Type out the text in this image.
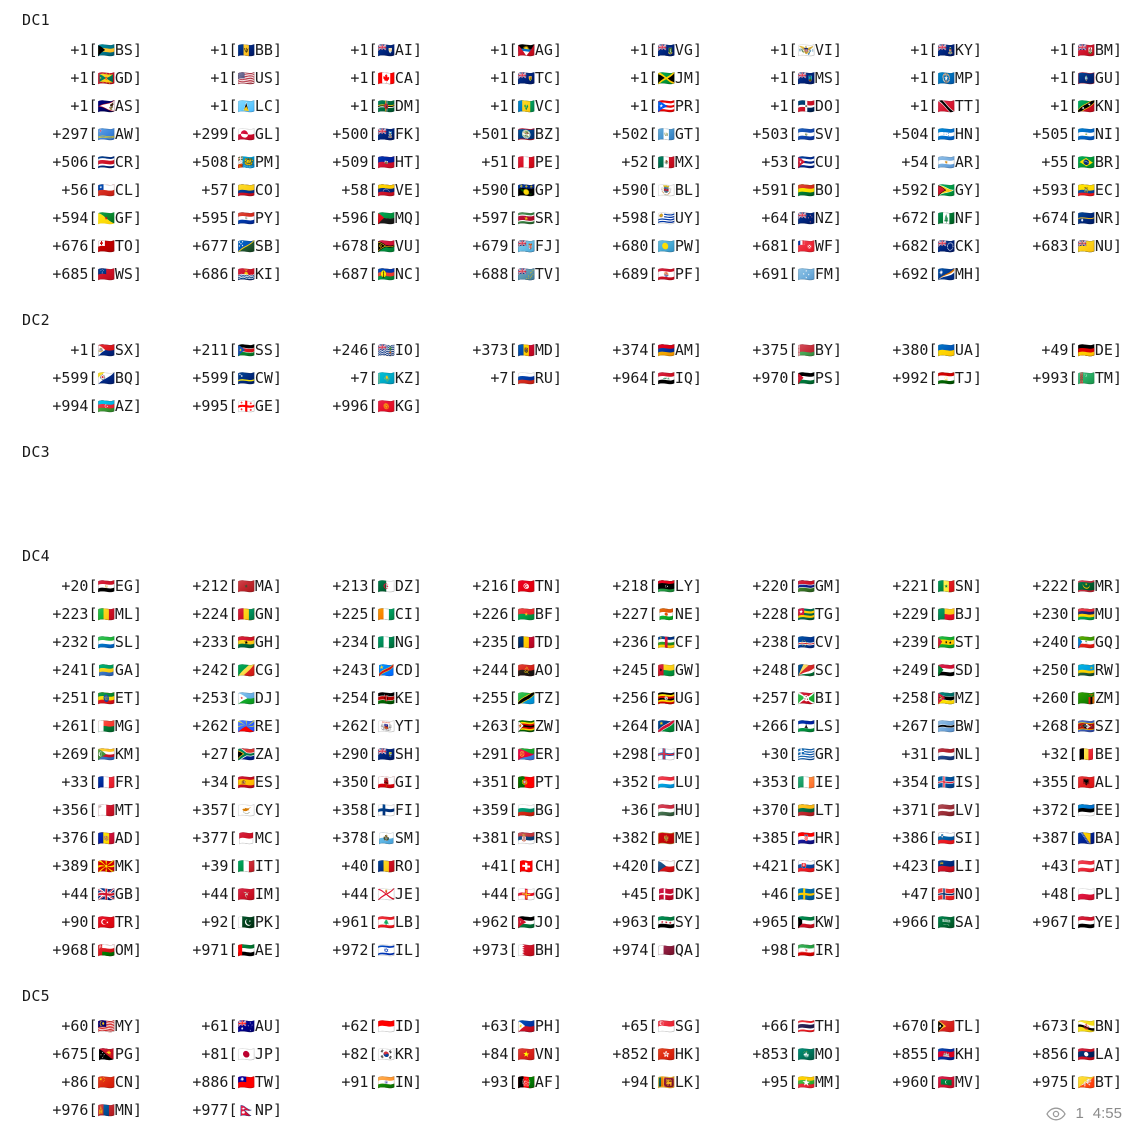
DC1
+1[🇧🇸BS]	+1[🇧🇧BB]	+1[🇦🇮AI]	+1[🇦🇬AG]	+1[🇻🇬VG]	+1[🇻🇮VI]	+1[🇰🇾KY]	+1[🇧🇲BM]
+1[🇬🇩GD]	+1[🇺🇸US]	+1[🇨🇦CA]	+1[🇹🇨TC]	+1[🇯🇲JM]	+1[🇲🇸MS]	+1[🇲🇵MP]	+1[🇬🇺GU]
+1[🇦🇸AS]	+1[🇱🇨LC]	+1[🇩🇲DM]	+1[🇻🇨VC]	+1[🇵🇷PR]	+1[🇩🇴DO]	+1[🇹🇹TT]	+1[🇰🇳KN]
+297[🇦🇼AW]	+299[🇬🇱GL]	+500[🇫🇰FK]	+501[🇧🇿BZ]	+502[🇬🇹GT]	+503[🇸🇻SV]	+504[🇭🇳HN]	+505[🇳🇮NI]
+506[🇨🇷CR]	+508[🇵🇲PM]	+509[🇭🇹HT]	+51[🇵🇪PE]	+52[🇲🇽MX]	+53[🇨🇺CU]	+54[🇦🇷AR]	+55[🇧🇷BR]
+56[🇨🇱CL]	+57[🇨🇴CO]	+58[🇻🇪VE]	+590[🇬🇵GP]	+590[🇧🇱BL]	+591[🇧🇴BO]	+592[🇬🇾GY]	+593[🇪🇨EC]
+594[🇬🇫GF]	+595[🇵🇾PY]	+596[🇲🇶MQ]	+597[🇸🇷SR]	+598[🇺🇾UY]	+64[🇳🇿NZ]	+672[🇳🇫NF]	+674[🇳🇷NR]
+676[🇹🇴TO]	+677[🇸🇧SB]	+678[🇻🇺VU]	+679[🇫🇯FJ]	+680[🇵🇼PW]	+681[🇼🇫WF]	+682[🇨🇰CK]	+683[🇳🇺NU]
+685[🇼🇸WS]	+686[🇰🇮KI]	+687[🇳🇨NC]	+688[🇹🇻TV]	+689[🇵🇫PF]	+691[🇫🇲FM]	+692[🇲🇭MH]
DC2
+1[🇸🇽SX]	+211[🇸🇸SS]	+246[🇮🇴IO]	+373[🇲🇩MD]	+374[🇦🇲AM]	+375[🇧🇾BY]	+380[🇺🇦UA]	+49[🇩🇪DE]
+599[🇧🇶BQ]	+599[🇨🇼CW]	+7[🇰🇿KZ]	+7[🇷🇺RU]	+964[🇮🇶IQ]	+970[🇵🇸PS]	+992[🇹🇯TJ]	+993[🇹🇲TM]
+994[🇦🇿AZ]	+995[🇬🇪GE]	+996[🇰🇬KG]
DC3
DC4
+20[🇪🇬EG]	+212[🇲🇦MA]	+213[🇩🇿DZ]	+216[🇹🇳TN]	+218[🇱🇾LY]	+220[🇬🇲GM]	+221[🇸🇳SN]	+222[🇲🇷MR]
+223[🇲🇱ML]	+224[🇬🇳GN]	+225[🇨🇮CI]	+226[🇧🇫BF]	+227[🇳🇪NE]	+228[🇹🇬TG]	+229[🇧🇯BJ]	+230[🇲🇺MU]
+232[🇸🇱SL]	+233[🇬🇭GH]	+234[🇳🇬NG]	+235[🇹🇩TD]	+236[🇨🇫CF]	+238[🇨🇻CV]	+239[🇸🇹ST]	+240[🇬🇶GQ]
+241[🇬🇦GA]	+242[🇨🇬CG]	+243[🇨🇩CD]	+244[🇦🇴AO]	+245[🇬🇼GW]	+248[🇸🇨SC]	+249[🇸🇩SD]	+250[🇷🇼RW]
+251[🇪🇹ET]	+253[🇩🇯DJ]	+254[🇰🇪KE]	+255[🇹🇿TZ]	+256[🇺🇬UG]	+257[🇧🇮BI]	+258[🇲🇿MZ]	+260[🇿🇲ZM]
+261[🇲🇬MG]	+262[🇷🇪RE]	+262[🇾🇹YT]	+263[🇿🇼ZW]	+264[🇳🇦NA]	+266[🇱🇸LS]	+267[🇧🇼BW]	+268[🇸🇿SZ]
+269[🇰🇲KM]	+27[🇿🇦ZA]	+290[🇸🇭SH]	+291[🇪🇷ER]	+298[🇫🇴FO]	+30[🇬🇷GR]	+31[🇳🇱NL]	+32[🇧🇪BE]
+33[🇫🇷FR]	+34[🇪🇸ES]	+350[🇬🇮GI]	+351[🇵🇹PT]	+352[🇱🇺LU]	+353[🇮🇪IE]	+354[🇮🇸IS]	+355[🇦🇱AL]
+356[🇲🇹MT]	+357[🇨🇾CY]	+358[🇫🇮FI]	+359[🇧🇬BG]	+36[🇭🇺HU]	+370[🇱🇹LT]	+371[🇱🇻LV]	+372[🇪🇪EE]
+376[🇦🇩AD]	+377[🇲🇨MC]	+378[🇸🇲SM]	+381[🇷🇸RS]	+382[🇲🇪ME]	+385[🇭🇷HR]	+386[🇸🇮SI]	+387[🇧🇦BA]
+389[🇲🇰MK]	+39[🇮🇹IT]	+40[🇷🇴RO]	+41[🇨🇭CH]	+420[🇨🇿CZ]	+421[🇸🇰SK]	+423[🇱🇮LI]	+43[🇦🇹AT]
+44[🇬🇧GB]	+44[🇮🇲IM]	+44[🇯🇪JE]	+44[🇬🇬GG]	+45[🇩🇰DK]	+46[🇸🇪SE]	+47[🇳🇴NO]	+48[🇵🇱PL]
+90[🇹🇷TR]	+92[🇵🇰PK]	+961[🇱🇧LB]	+962[🇯🇴JO]	+963[🇸🇾SY]	+965[🇰🇼KW]	+966[🇸🇦SA]	+967[🇾🇪YE]
+968[🇴🇲OM]	+971[🇦🇪AE]	+972[🇮🇱IL]	+973[🇧🇭BH]	+974[🇶🇦QA]	+98[🇮🇷IR]
DC5
+60[🇲🇾MY]	+61[🇦🇺AU]	+62[🇮🇩ID]	+63[🇵🇭PH]	+65[🇸🇬SG]	+66[🇹🇭TH]	+670[🇹🇱TL]	+673[🇧🇳BN]
+675[🇵🇬PG]	+81[🇯🇵JP]	+82[🇰🇷KR]	+84[🇻🇳VN]	+852[🇭🇰HK]	+853[🇲🇴MO]	+855[🇰🇭KH]	+856[🇱🇦LA]
+86[🇨🇳CN]	+886[🇹🇼TW]	+91[🇮🇳IN]	+93[🇦🇫AF]	+94[🇱🇰LK]	+95[🇲🇲MM]	+960[🇲🇻MV]	+975[🇧🇹BT]
+976[🇲🇳MN]	+977[🇳🇵NP]	1 4:55
